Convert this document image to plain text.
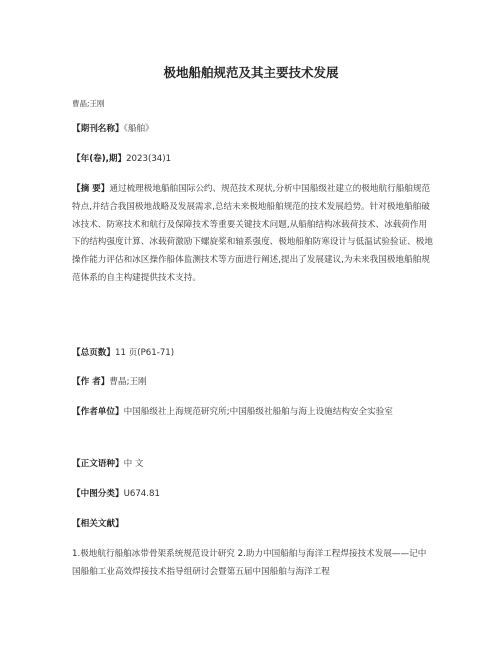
极地船舶规范及其主要技术发展
曹晶;王刚
【期刊名称】《船舶》
【年(卷),期】2023(34)1
【摘 要】通过梳理极地船舶国际公约、规范技术现状,分析中国船级社建立的极地航行船舶规范特点,并结合我国极地战略及发展需求,总结未来极地船舶规范的技术发展趋势。针对极地船舶破冰技术、防寒技术和航行及保障技术等重要关键技术问题,从船舶结构冰载荷技术、冰载荷作用下的结构强度计算、冰载荷激励下螺旋桨和轴系强度、极地船舶防寒设计与低温试验验证、极地操作能力评估和冰区操作船体监测技术等方面进行阐述,提出了发展建议,为未来我国极地船舶规范体系的自主构建提供技术支持。
【总页数】11 页(P61-71)
【作 者】曹晶;王刚
【作者单位】中国船级社上海规范研究所;中国船级社船舶与海上设施结构安全实验室
【正文语种】中 文
【中图分类】U674.81
【相关文献】
1.极地航行船舶冰带骨架系统规范设计研究 2.助力中国船舶与海洋工程焊接技术发展——记中国船舶工业高效焊接技术指导组研讨会暨第五届中国船舶与海洋工程
